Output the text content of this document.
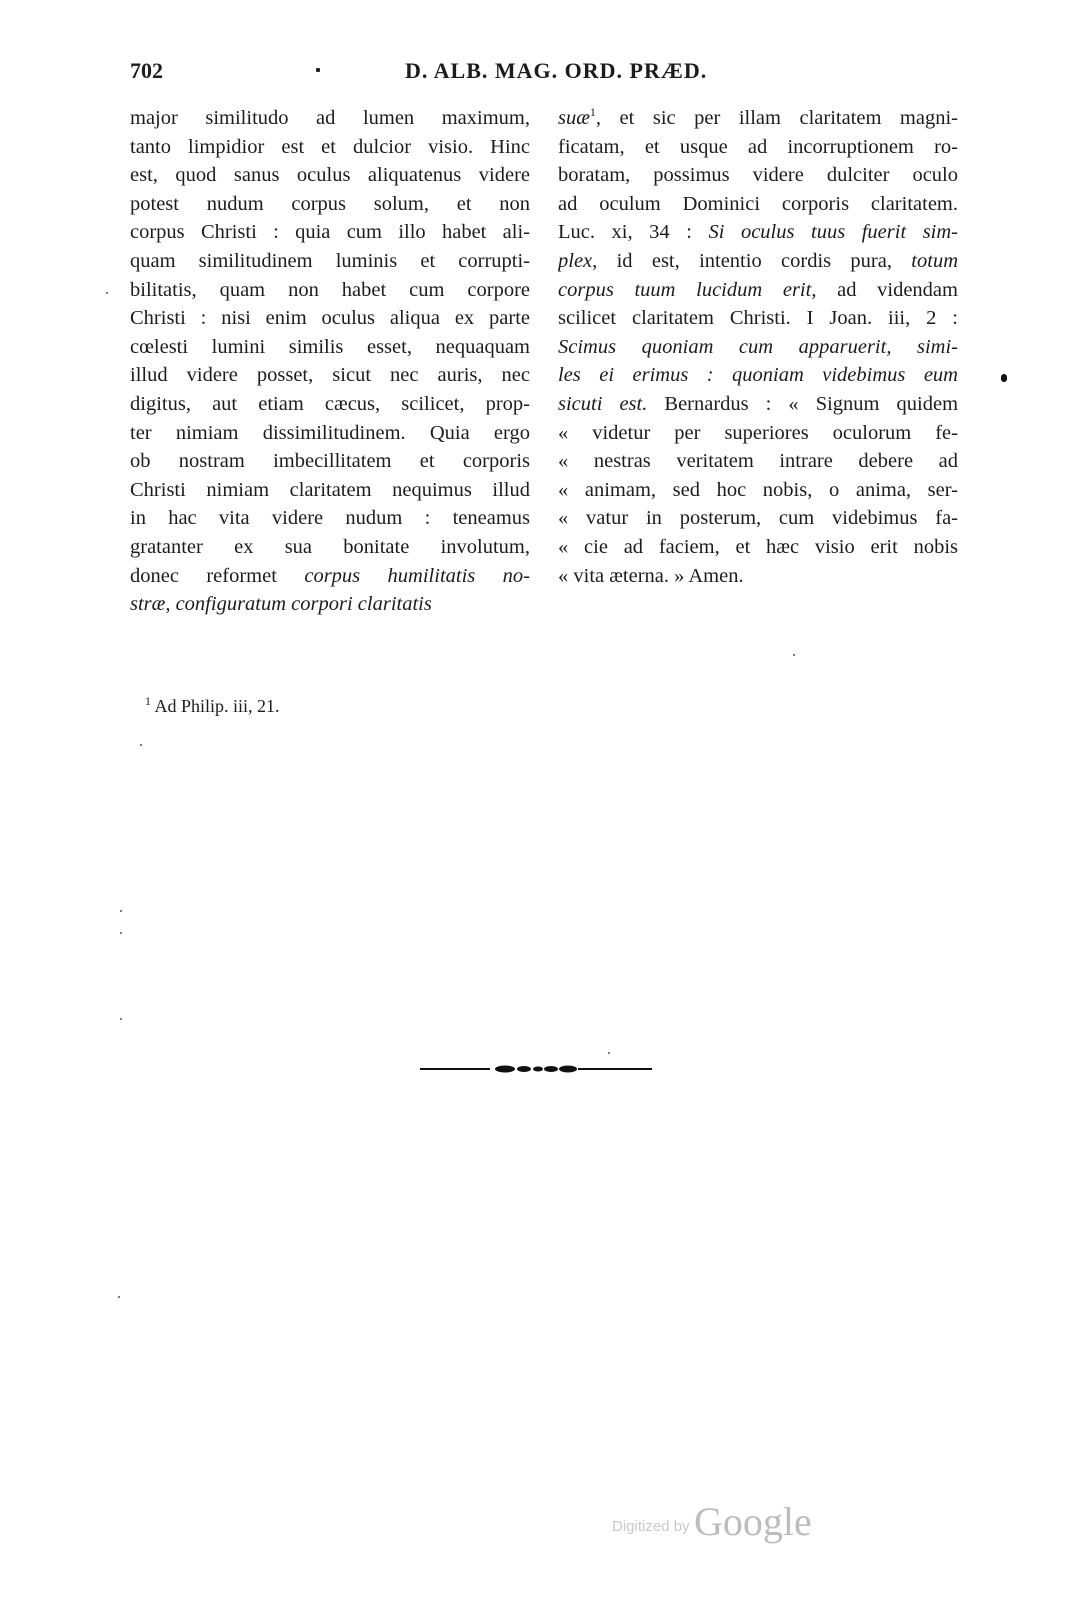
702	D. ALB. MAG. ORD. PRÆD.
major similitudo ad lumen maximum,
tanto limpidior est et dulcior visio. Hinc
est, quod sanus oculus aliquatenus videre
potest nudum corpus solum, et non
corpus Christi : quia cum illo habet ali-
quam similitudinem luminis et corrupti-
bilitatis, quam non habet cum corpore
Christi : nisi enim oculus aliqua ex parte
cœlesti lumini similis esset, nequaquam
illud videre posset, sicut nec auris, nec
digitus, aut etiam cæcus, scilicet, prop-
ter nimiam dissimilitudinem. Quia ergo
ob nostram imbecillitatem et corporis
Christi nimiam claritatem nequimus illud
in hac vita videre nudum : teneamus
gratanter ex sua bonitate involutum,
donec reformet corpus humilitatis no-
stræ, configuratum corpori claritatis
suæ$^1$, et sic per illam claritatem magni-
ficatam, et usque ad incorruptionem ro-
boratam, possimus videre dulciter oculo
ad oculum Dominici corporis claritatem.
Luc. xi, 34 : Si oculus tuus fuerit sim-
plex, id est, intentio cordis pura, totum
corpus tuum lucidum erit, ad videndam
scilicet claritatem Christi. I Joan. iii, 2 :
Scimus quoniam cum apparuerit, simi-
les ei erimus : quoniam videbimus eum
sicuti est. Bernardus : « Signum quidem
« videtur per superiores oculorum fe-
« nestras veritatem intrare debere ad
« animam, sed hoc nobis, o anima, ser-
« vatur in posterum, cum videbimus fa-
« cie ad faciem, et hæc visio erit nobis
« vita æterna. » Amen.
$^1$ Ad Philip. iii, 21.
Digitized by Google
